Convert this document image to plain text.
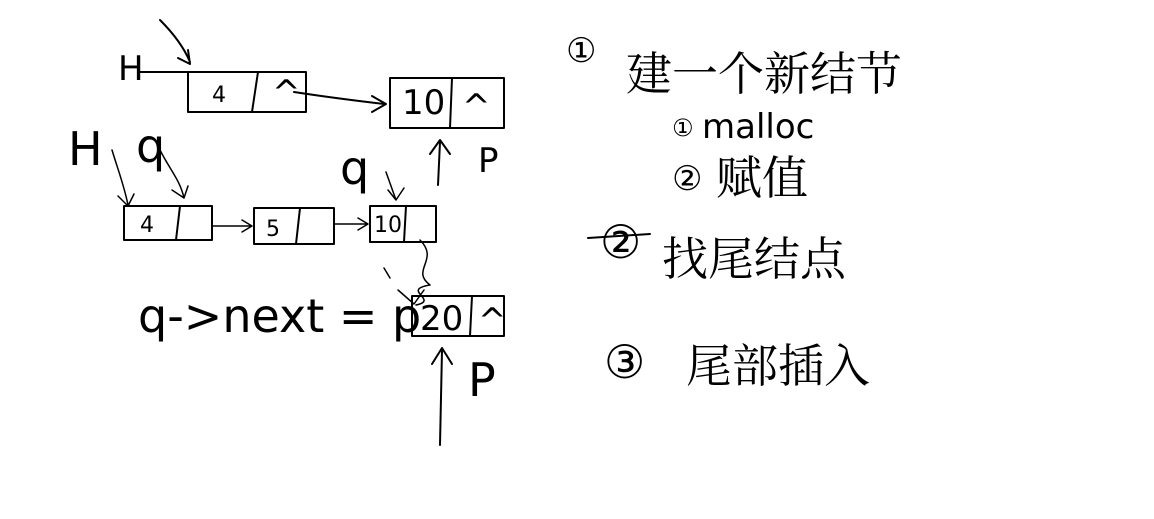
H
4 ^	10 ^
P
H q
4	5	10
q
20 ^
P
q->next = p
① 建一个新结节
① malloc
② 赋值
② 找尾结点
③ 尾部插入
